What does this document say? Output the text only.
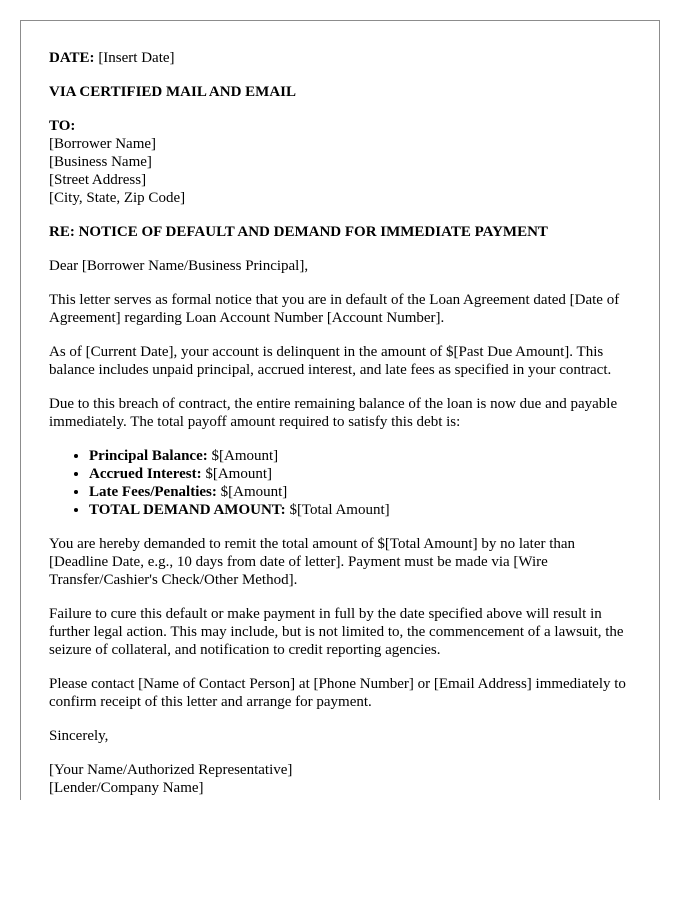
DATE: [Insert Date]

VIA CERTIFIED MAIL AND EMAIL

TO:
[Borrower Name]
[Business Name]
[Street Address]
[City, State, Zip Code]

RE: NOTICE OF DEFAULT AND DEMAND FOR IMMEDIATE PAYMENT

Dear [Borrower Name/Business Principal],

This letter serves as formal notice that you are in default of the Loan Agreement dated [Date of Agreement] regarding Loan Account Number [Account Number].

As of [Current Date], your account is delinquent in the amount of $[Past Due Amount]. This balance includes unpaid principal, accrued interest, and late fees as specified in your contract.

Due to this breach of contract, the entire remaining balance of the loan is now due and payable immediately. The total payoff amount required to satisfy this debt is:

• Principal Balance: $[Amount]
• Accrued Interest: $[Amount]
• Late Fees/Penalties: $[Amount]
• TOTAL DEMAND AMOUNT: $[Total Amount]

You are hereby demanded to remit the total amount of $[Total Amount] by no later than [Deadline Date, e.g., 10 days from date of letter]. Payment must be made via [Wire Transfer/Cashier's Check/Other Method].

Failure to cure this default or make payment in full by the date specified above will result in further legal action. This may include, but is not limited to, the commencement of a lawsuit, the seizure of collateral, and notification to credit reporting agencies.

Please contact [Name of Contact Person] at [Phone Number] or [Email Address] immediately to confirm receipt of this letter and arrange for payment.

Sincerely,

[Your Name/Authorized Representative]
[Lender/Company Name]
